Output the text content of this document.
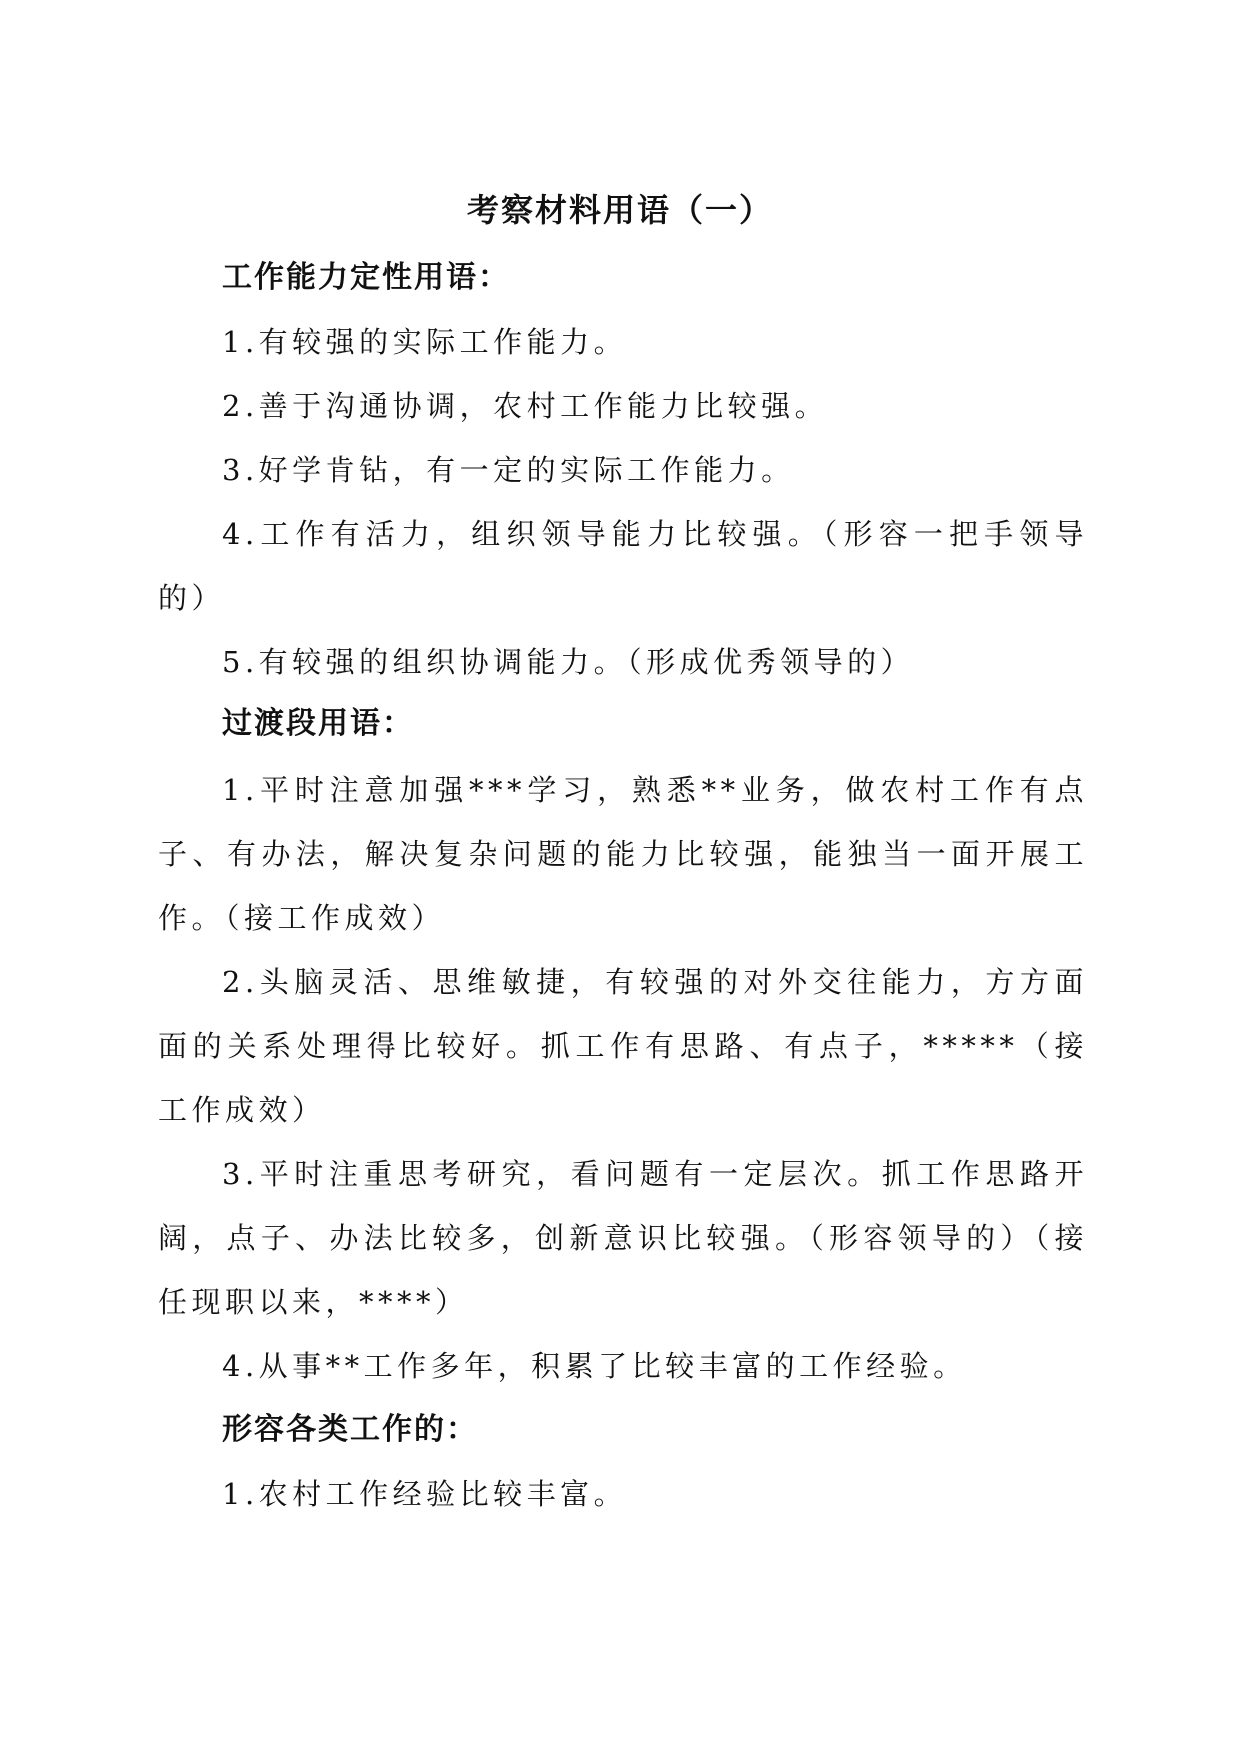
考察材料用语（一）
工作能力定性用语：

1.有较强的实际工作能力。

2.善于沟通协调，农村工作能力比较强。

3.好学肯钻，有一定的实际工作能力。

4.工作有活力，组织领导能力比较强。（形容一把手领导的）

5.有较强的组织协调能力。（形成优秀领导的）

过渡段用语：

1.平时注意加强***学习，熟悉**业务，做农村工作有点子、有办法，解决复杂问题的能力比较强，能独当一面开展工作。（接工作成效）

2.头脑灵活、思维敏捷，有较强的对外交往能力，方方面面的关系处理得比较好。抓工作有思路、有点子，*****（接工作成效）

3.平时注重思考研究，看问题有一定层次。抓工作思路开阔，点子、办法比较多，创新意识比较强。（形容领导的）（接任现职以来，****）

4.从事**工作多年，积累了比较丰富的工作经验。

形容各类工作的：

1.农村工作经验比较丰富。
